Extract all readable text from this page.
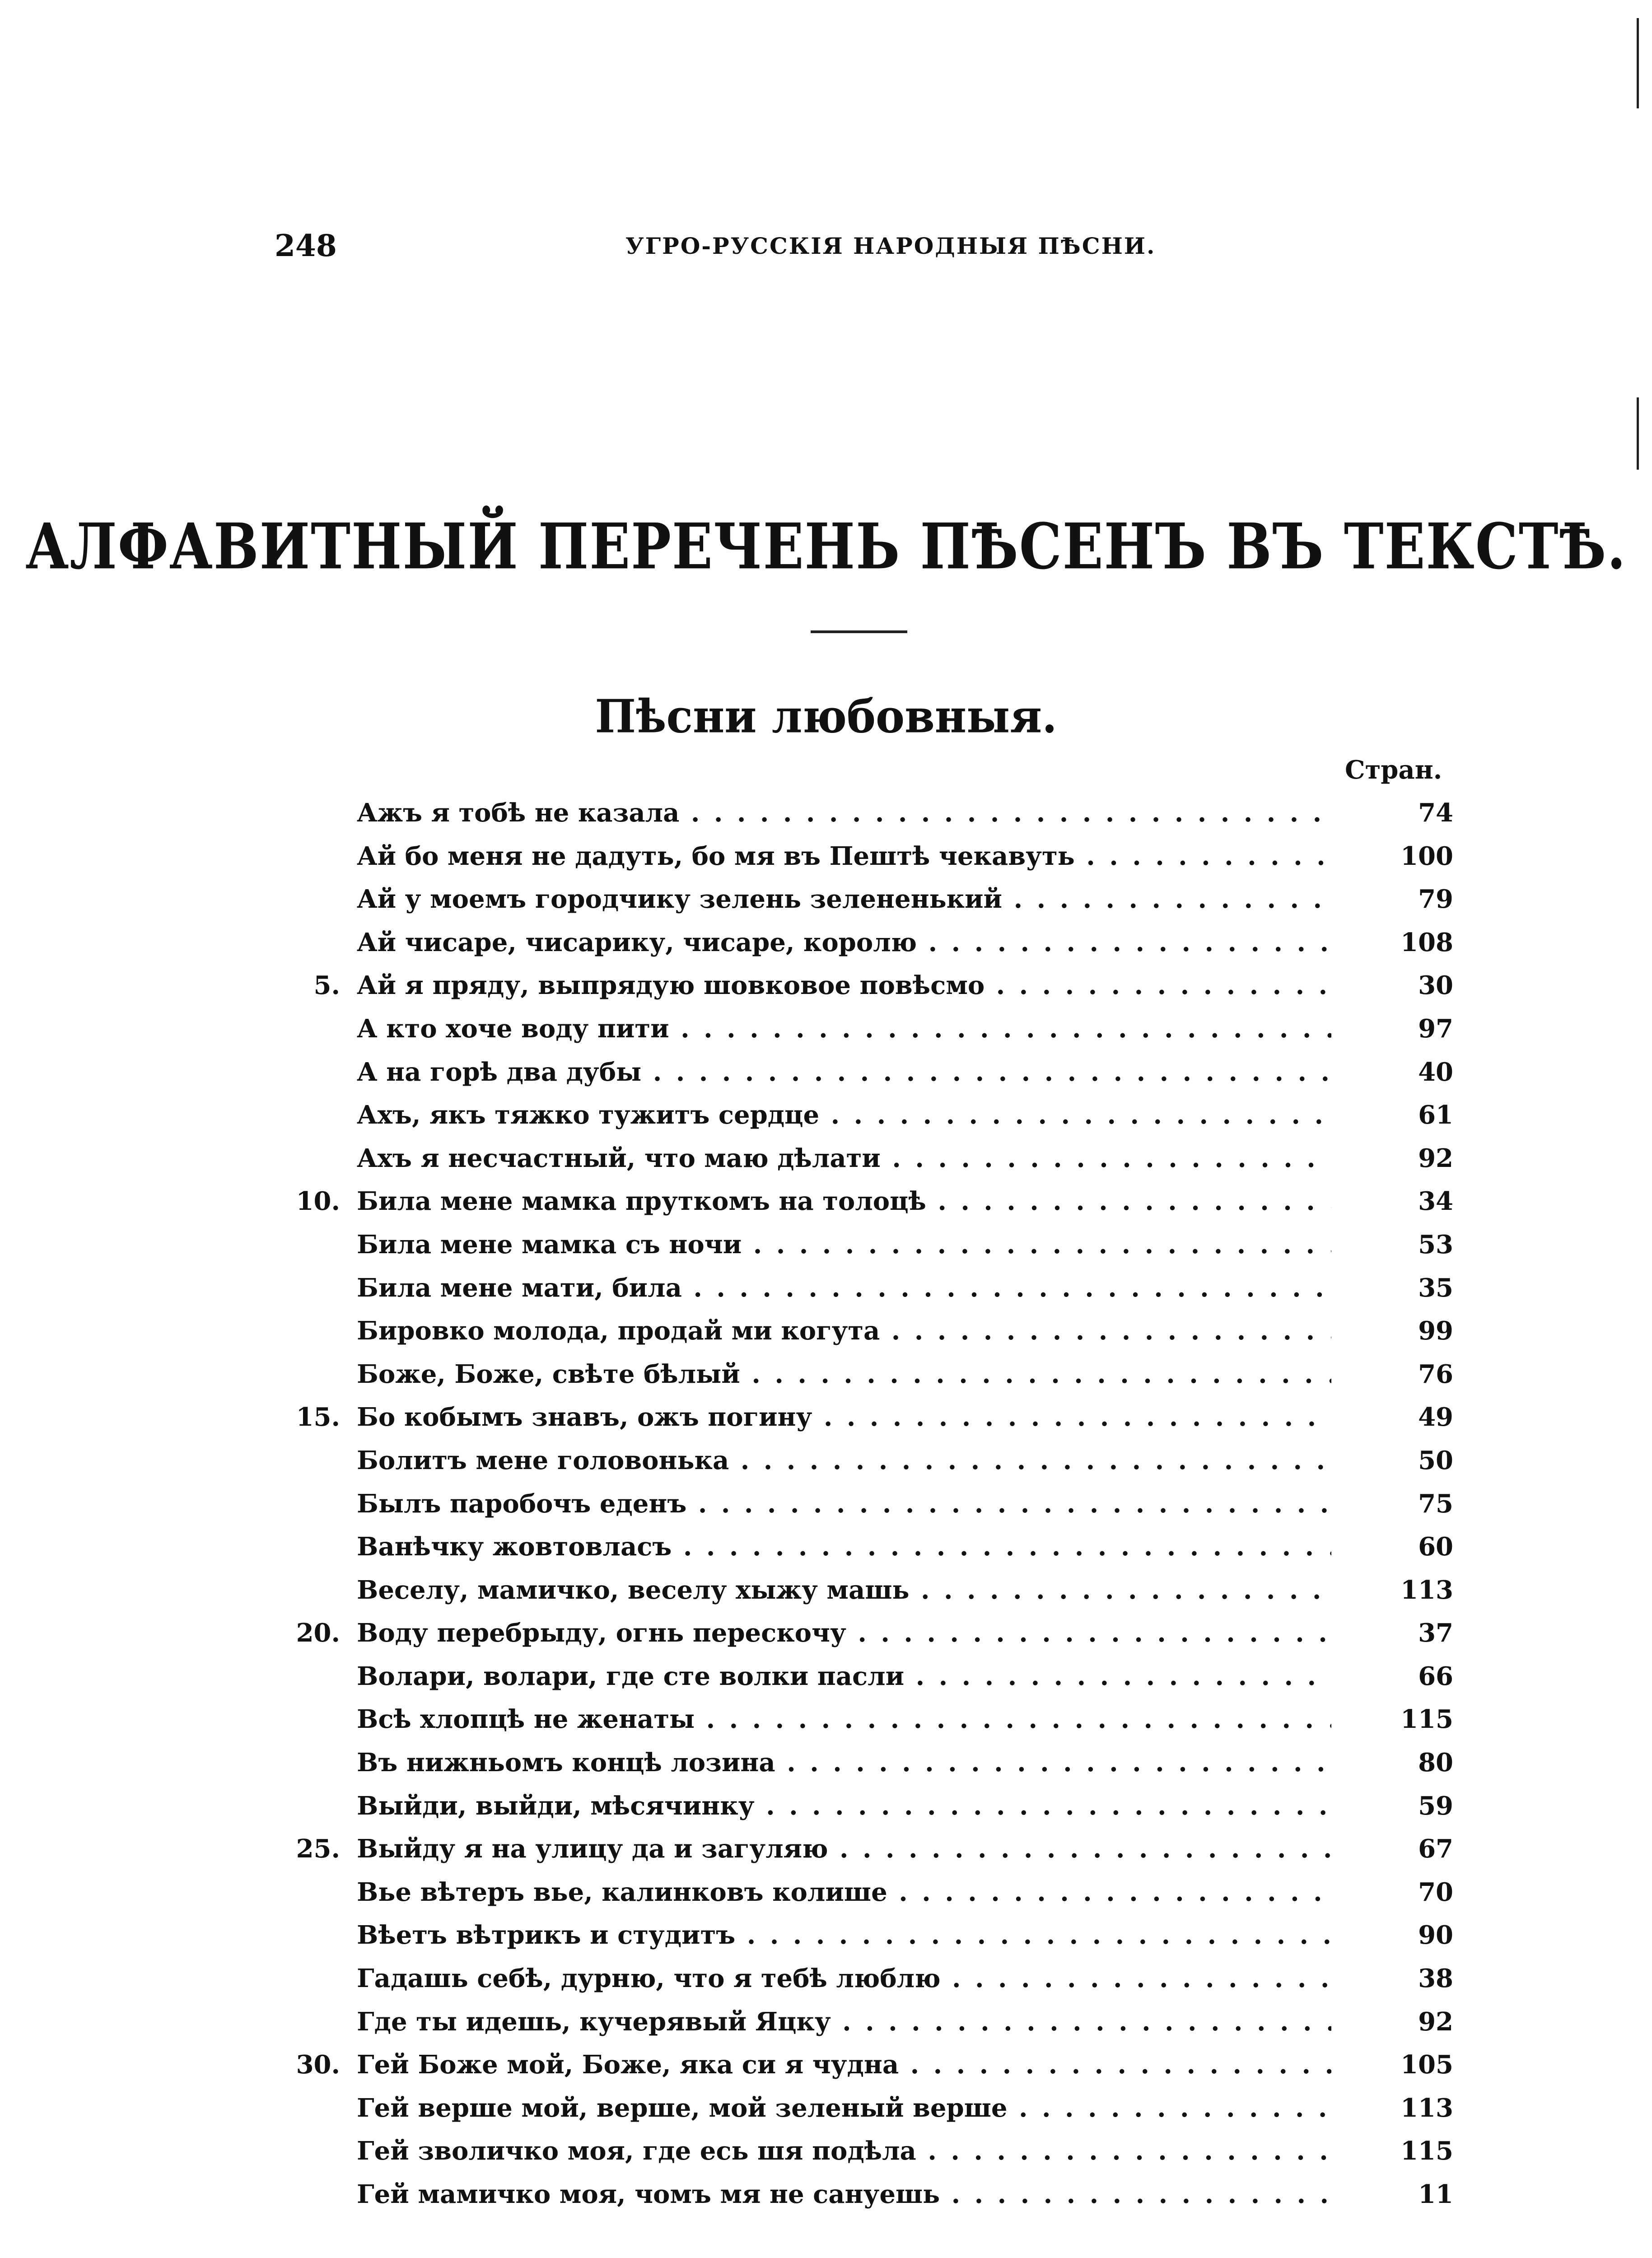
248	УГРО-РУССКІЯ НАРОДНЫЯ ПѢСНИ.
АЛФАВИТНЫЙ ПЕРЕЧЕНЬ ПѢСЕНЪ ВЪ ТЕКСТѢ.
Пѣсни любовныя.
Стран.
Ажъ я тобѣ не казала . . .	74
Ай бо меня не дадуть, бо мя въ Пештѣ чекавуть . . .	100
Ай у моемъ городчику зелень зелененький . . .	79
Ай чисаре, чисарику, чисаре, королю . . .	108
5. Ай я пряду, выпрядую шовковое повѣсмо . . .	30
А кто хоче воду пити . . .	97
А на горѣ два дубы . . .	40
Ахъ, якъ тяжко тужитъ сердце . . .	61
Ахъ я несчастный, что маю дѣлати . . .	92
10. Била мене мамка пруткомъ на толоцѣ . . .	34
Била мене мамка съ ночи . . .	53
Била мене мати, била . . .	35
Бировко молода, продай ми когута . . .	99
Боже, Боже, свѣте бѣлый . . .	76
15. Бо кобымъ знавъ, ожъ погину . . .	49
Болитъ мене головонька . . .	50
Былъ паробочъ еденъ . . .	75
Ванѣчку жовтовласъ . . .	60
Веселу, мамичко, веселу хыжу машь . . .	113
20. Воду перебрыду, огнь перескочу . . .	37
Волари, волари, где сте волки пасли . . .	66
Всѣ хлопцѣ не женаты . . .	115
Въ нижньомъ концѣ лозина . . .	80
Выйди, выйди, мѣсячинку . . .	59
25. Выйду я на улицу да и загуляю . . .	67
Вье вѣтеръ вье, калинковъ колише . . .	70
Вѣетъ вѣтрикъ и студитъ . . .	90
Гадашь себѣ, дурню, что я тебѣ люблю . . .	38
Где ты идешь, кучерявый Яцку . . .	92
30. Гей Боже мой, Боже, яка си я чудна . . .	105
Гей верше мой, верше, мой зеленый верше . . .	113
Гей зволичко моя, где есь шя подѣла . . .	115
Гей мамичко моя, чомъ мя не сануешь . . .	11
